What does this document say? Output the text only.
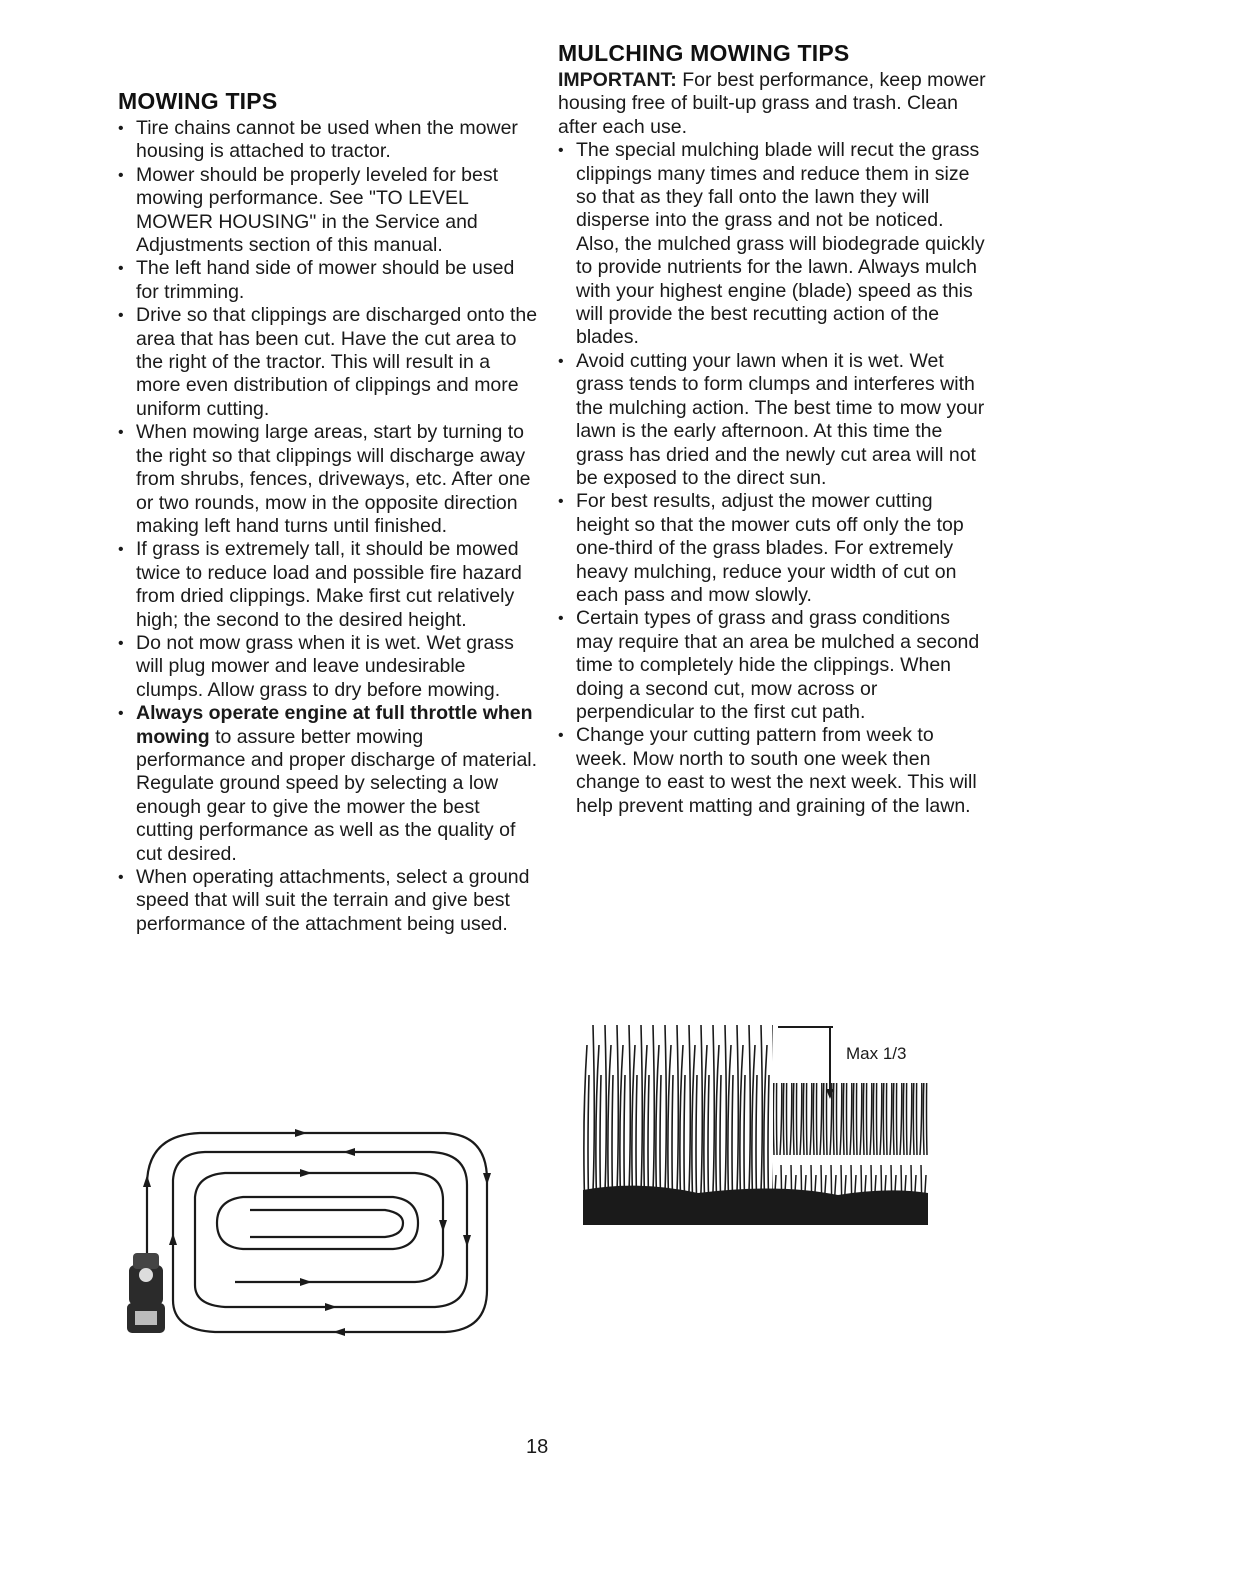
MOWING TIPS
• Tire chains cannot be used when the mower housing is attached to tractor.
• Mower should be properly leveled for best mowing performance. See "TO LEVEL MOWER HOUSING" in the Service and Adjustments section of this manual.
• The left hand side of mower should be used for trimming.
• Drive so that clippings are discharged onto the area that has been cut. Have the cut area to the right of the tractor. This will result in a more even distribution of clippings and more uniform cutting.
• When mowing large areas, start by turning to the right so that clippings will discharge away from shrubs, fences, driveways, etc. After one or two rounds, mow in the opposite direction making left hand turns until finished.
• If grass is extremely tall, it should be mowed twice to reduce load and possible fire hazard from dried clippings. Make first cut relatively high; the second to the desired height.
• Do not mow grass when it is wet. Wet grass will plug mower and leave undesirable clumps. Allow grass to dry before mowing.
• Always operate engine at full throttle when mowing to assure better mowing performance and proper discharge of material. Regulate ground speed by selecting a low enough gear to give the mower the best cutting performance as well as the quality of cut desired.
• When operating attachments, select a ground speed that will suit the terrain and give best performance of the attachment being used.
MULCHING MOWING TIPS

IMPORTANT: For best performance, keep mower housing free of built-up grass and trash. Clean after each use.

• The special mulching blade will recut the grass clippings many times and reduce them in size so that as they fall onto the lawn they will disperse into the grass and not be noticed. Also, the mulched grass will biodegrade quickly to provide nutrients for the lawn. Always mulch with your highest engine (blade) speed as this will provide the best recutting action of the blades.
• Avoid cutting your lawn when it is wet. Wet grass tends to form clumps and interferes with the mulching action. The best time to mow your lawn is the early afternoon. At this time the grass has dried and the newly cut area will not be exposed to the direct sun.
• For best results, adjust the mower cutting height so that the mower cuts off only the top one-third of the grass blades. For extremely heavy mulching, reduce your width of cut on each pass and mow slowly.
• Certain types of grass and grass conditions may require that an area be mulched a second time to completely hide the clippings. When doing a second cut, mow across or perpendicular to the first cut path.
• Change your cutting pattern from week to week. Mow north to south one week then change to east to west the next week. This will help prevent matting and graining of the lawn.
Max 1/3
18
